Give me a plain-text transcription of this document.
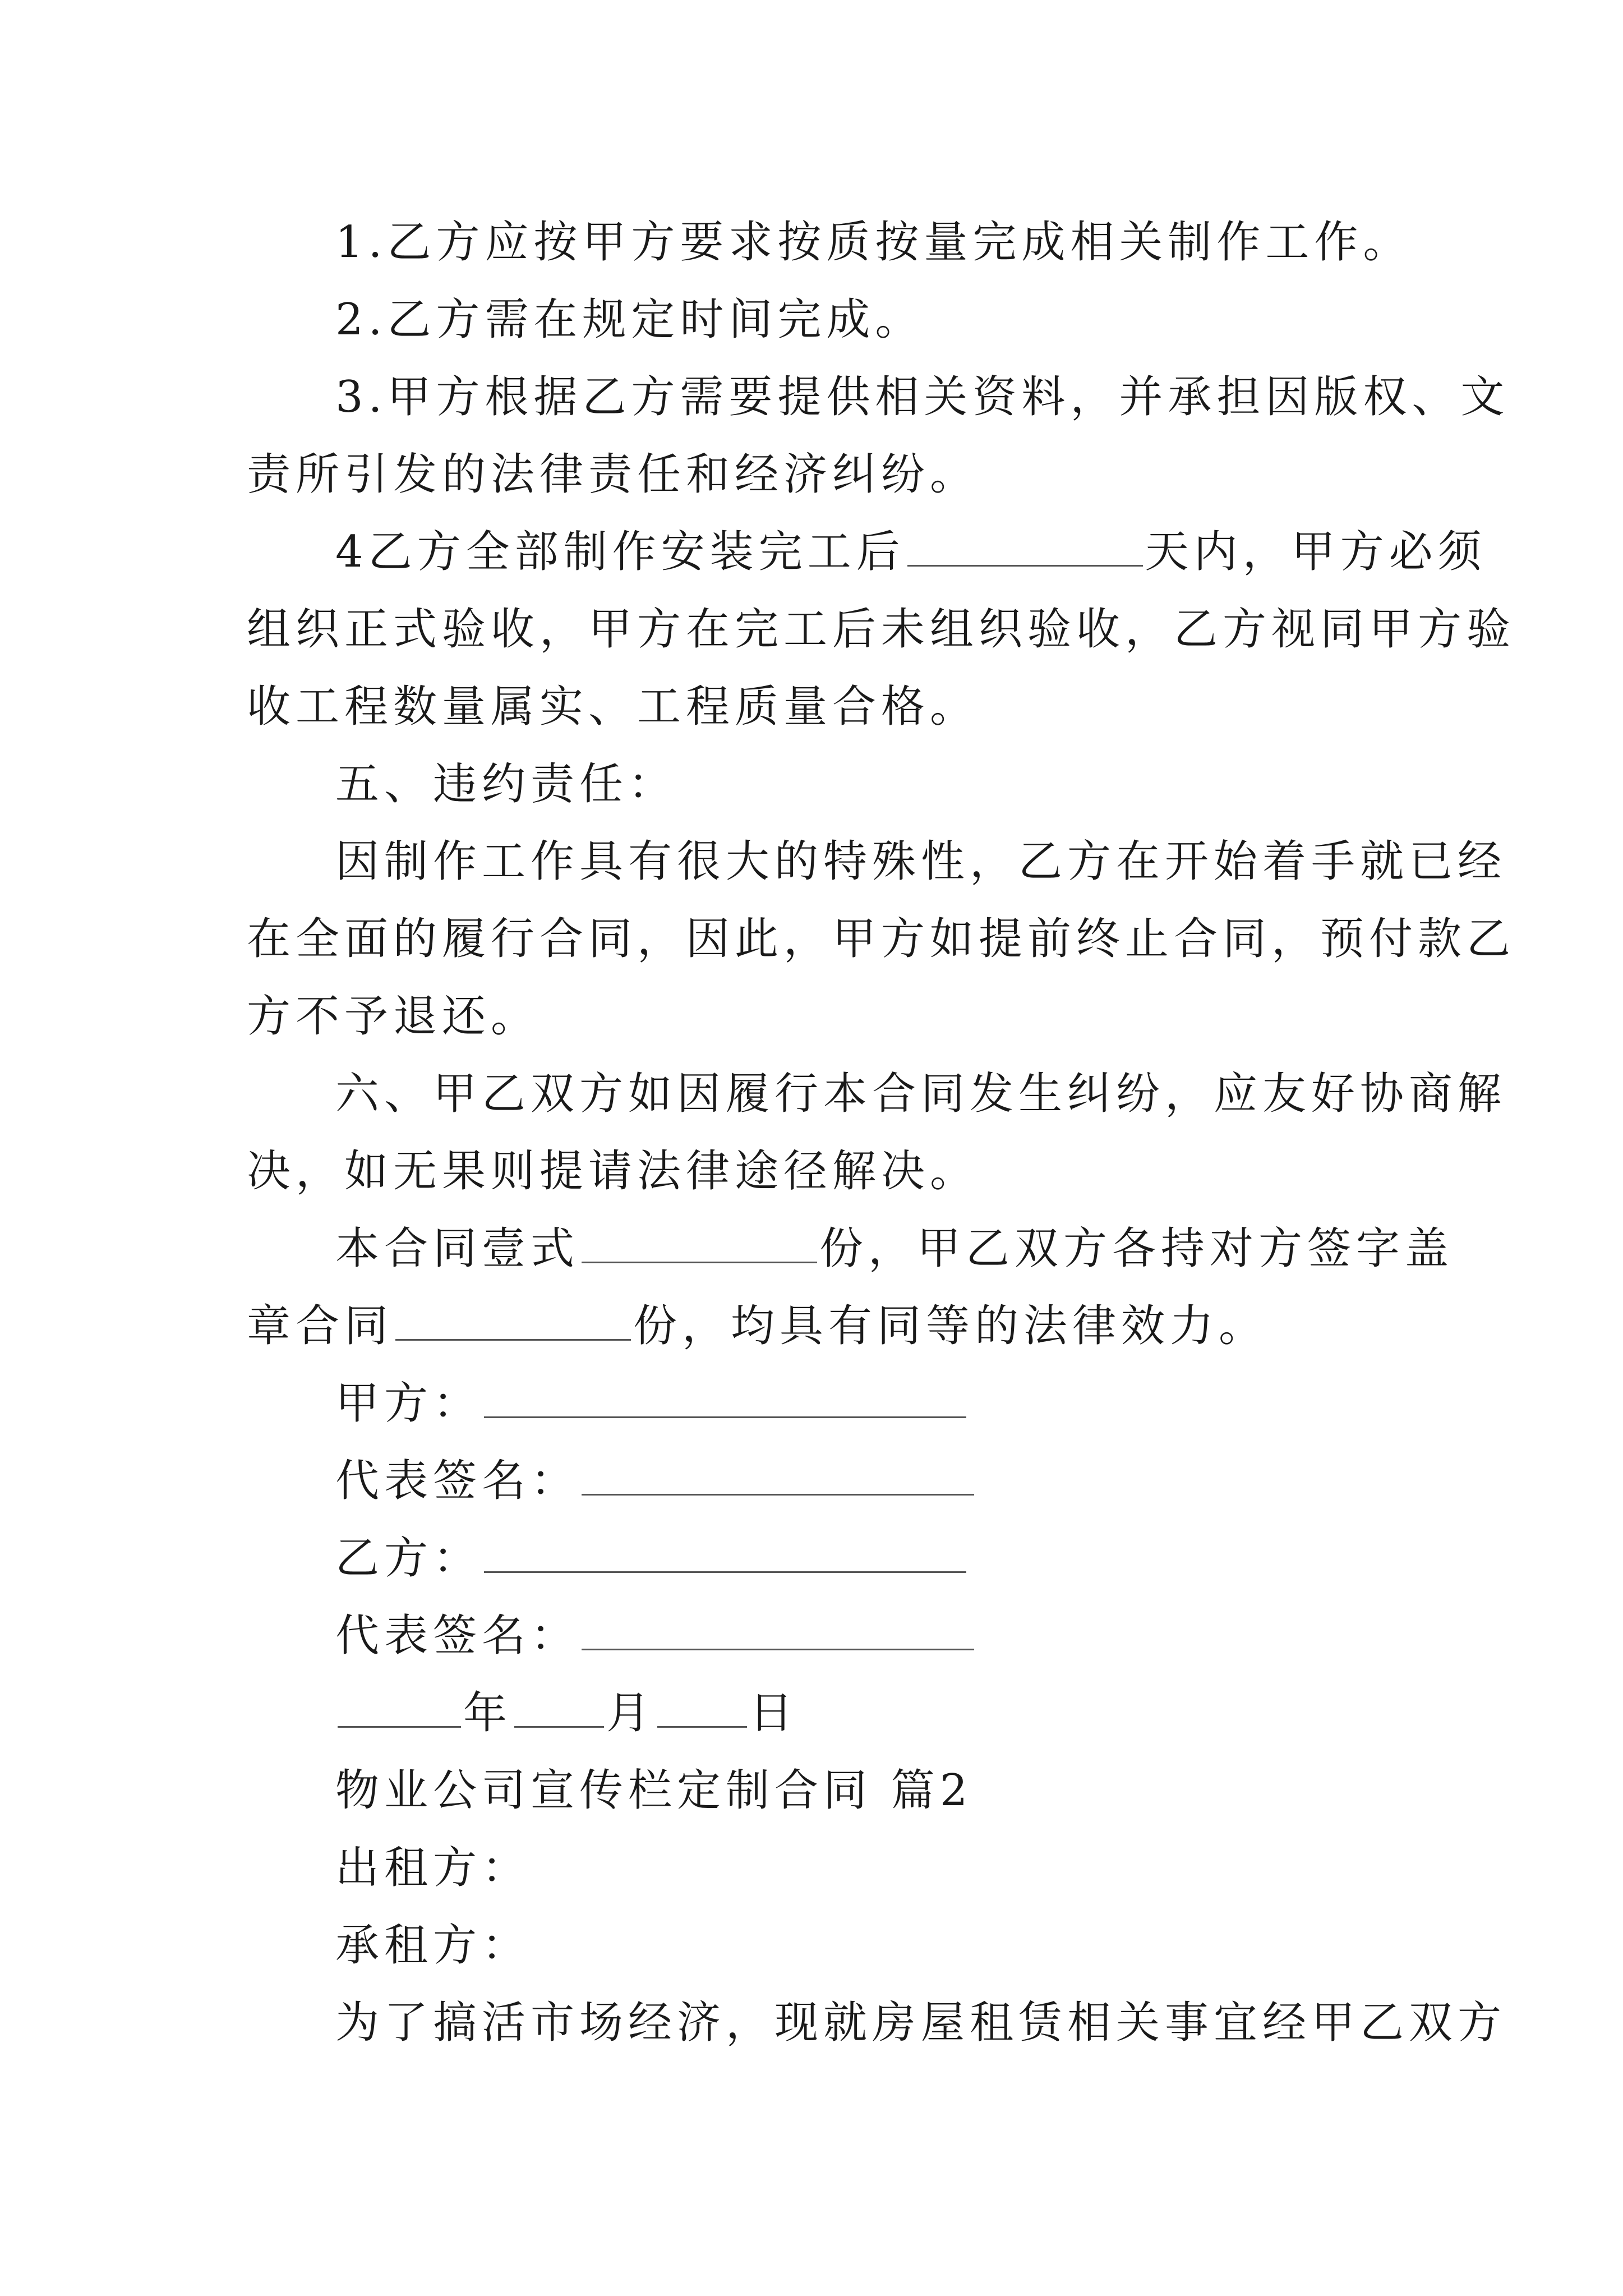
1.乙方应按甲方要求按质按量完成相关制作工作。
2.乙方需在规定时间完成。
3.甲方根据乙方需要提供相关资料，并承担因版权、文
责所引发的法律责任和经济纠纷。
4乙方全部制作安装完工后	天内，甲方必须
组织正式验收，甲方在完工后未组织验收，乙方视同甲方验
收工程数量属实、工程质量合格。
五、违约责任：
因制作工作具有很大的特殊性，乙方在开始着手就已经
在全面的履行合同，因此，甲方如提前终止合同，预付款乙
方不予退还。
六、甲乙双方如因履行本合同发生纠纷，应友好协商解
决，如无果则提请法律途径解决。
本合同壹式	份，甲乙双方各持对方签字盖
章合同	份，均具有同等的法律效力。
甲方：
代表签名：
乙方：
代表签名：
年 月 日
物业公司宣传栏定制合同 篇2
出租方：
承租方：
为了搞活市场经济，现就房屋租赁相关事宜经甲乙双方
